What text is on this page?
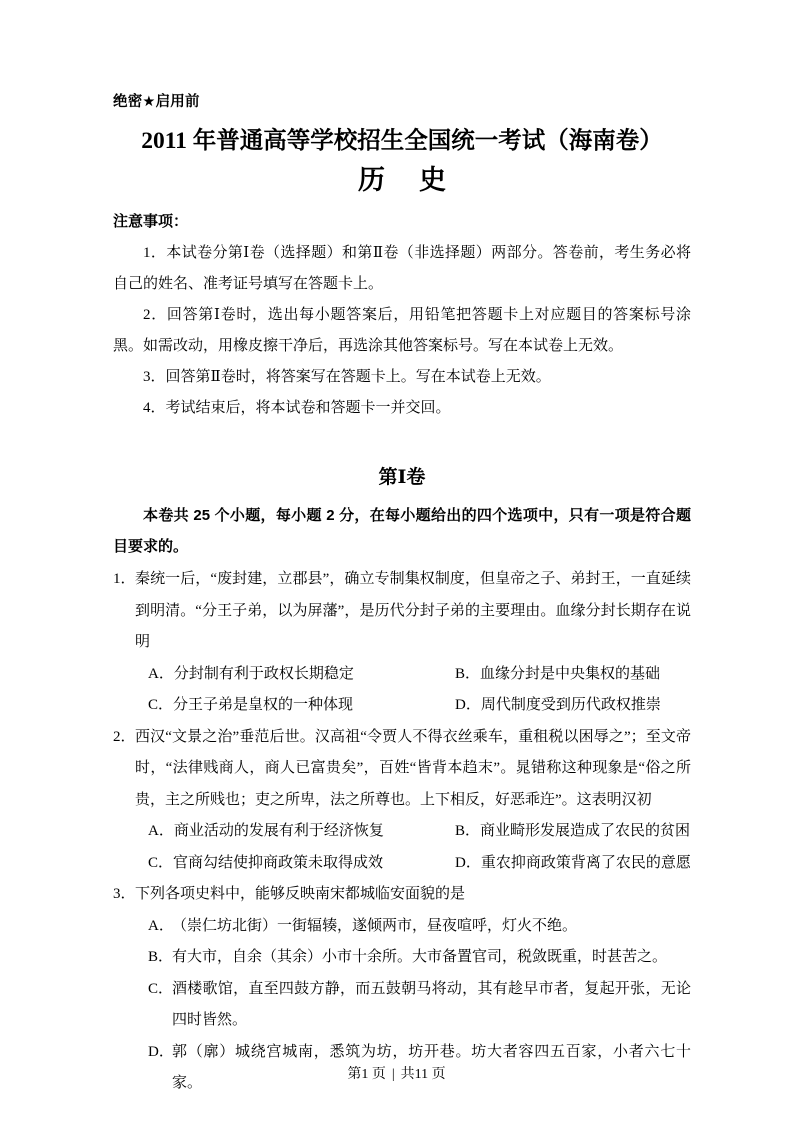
绝密★启用前
2011 年普通高等学校招生全国统一考试（海南卷）
历 史
注意事项：

1．本试卷分第Ⅰ卷（选择题）和第Ⅱ卷（非选择题）两部分。答卷前，考生务必将自己的姓名、准考证号填写在答题卡上。

2．回答第Ⅰ卷时，选出每小题答案后，用铅笔把答题卡上对应题目的答案标号涂黑。如需改动，用橡皮擦干净后，再选涂其他答案标号。写在本试卷上无效。

3．回答第Ⅱ卷时，将答案写在答题卡上。写在本试卷上无效。

4．考试结束后，将本试卷和答题卡一并交回。

第Ⅰ卷

本卷共 25 个小题，每小题 2 分，在每小题给出的四个选项中，只有一项是符合题目要求的。

1． 秦统一后，“废封建，立郡县”，确立专制集权制度，但皇帝之子、弟封王，一直延续到明清。“分王子弟，以为屏藩”，是历代分封子弟的主要理由。血缘分封长期存在说明
A．分封制有利于政权长期稳定	B．血缘分封是中央集权的基础
C．分王子弟是皇权的一种体现	D．周代制度受到历代政权推崇
2． 西汉“文景之治”垂范后世。汉高祖“令贾人不得衣丝乘车，重租税以困辱之”；至文帝时，“法律贱商人，商人已富贵矣”，百姓“皆背本趋末”。晁错称这种现象是“俗之所贵，主之所贱也；吏之所卑，法之所尊也。上下相反，好恶乖迕”。这表明汉初
A．商业活动的发展有利于经济恢复	B．商业畸形发展造成了农民的贫困
C．官商勾结使抑商政策未取得成效	D．重农抑商政策背离了农民的意愿
3． 下列各项史料中，能够反映南宋都城临安面貌的是
A．
（崇仁坊北街）一街辐辏，遂倾两市，昼夜喧呼，灯火不绝。
B．
有大市，自余（其余）小市十余所。大市备置官司，税敛既重，时甚苦之。
C．
酒楼歌馆，直至四鼓方静，而五鼓朝马将动，其有趁早市者，复起开张，无论四时皆然。
D．
郭（廓）城绕宫城南，悉筑为坊，坊开巷。坊大者容四五百家，小者六七十家。
第1 页 | 共11 页
